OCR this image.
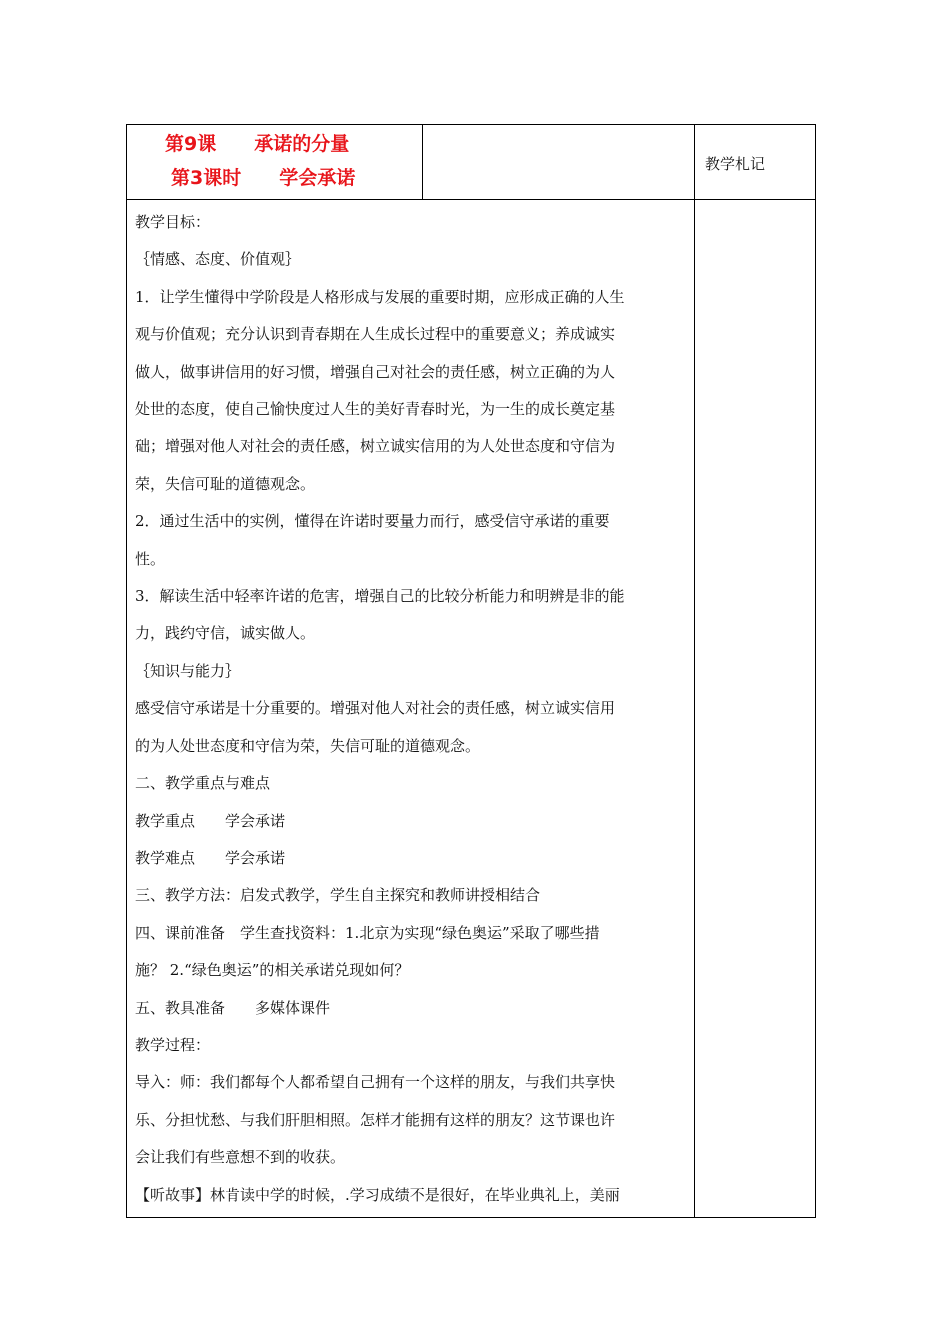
第9课　　承诺的分量
第3课时　　学会承诺
教学札记

教学目标：

｛情感、态度、价值观｝

1．让学生懂得中学阶段是人格形成与发展的重要时期，应形成正确的人生

观与价值观；充分认识到青春期在人生成长过程中的重要意义；养成诚实

做人，做事讲信用的好习惯，增强自己对社会的责任感，树立正确的为人

处世的态度，使自己愉快度过人生的美好青春时光，为一生的成长奠定基

础；增强对他人对社会的责任感，树立诚实信用的为人处世态度和守信为

荣，失信可耻的道德观念。

2．通过生活中的实例，懂得在许诺时要量力而行，感受信守承诺的重要

性。

3．解读生活中轻率许诺的危害，增强自己的比较分析能力和明辨是非的能

力，践约守信，诚实做人。

｛知识与能力｝

感受信守承诺是十分重要的。增强对他人对社会的责任感，树立诚实信用

的为人处世态度和守信为荣，失信可耻的道德观念。

二、教学重点与难点

教学重点　　学会承诺

教学难点　　学会承诺

三、教学方法：启发式教学，学生自主探究和教师讲授相结合

四、课前准备　学生查找资料：1.北京为实现“绿色奥运”采取了哪些措

施？ 2.“绿色奥运”的相关承诺兑现如何？

五、教具准备　　多媒体课件

教学过程：

导入：师：我们都每个人都希望自己拥有一个这样的朋友，与我们共享快

乐、分担忧愁、与我们肝胆相照。怎样才能拥有这样的朋友？这节课也许

会让我们有些意想不到的收获。

【听故事】林肯读中学的时候，.学习成绩不是很好，在毕业典礼上，美丽
